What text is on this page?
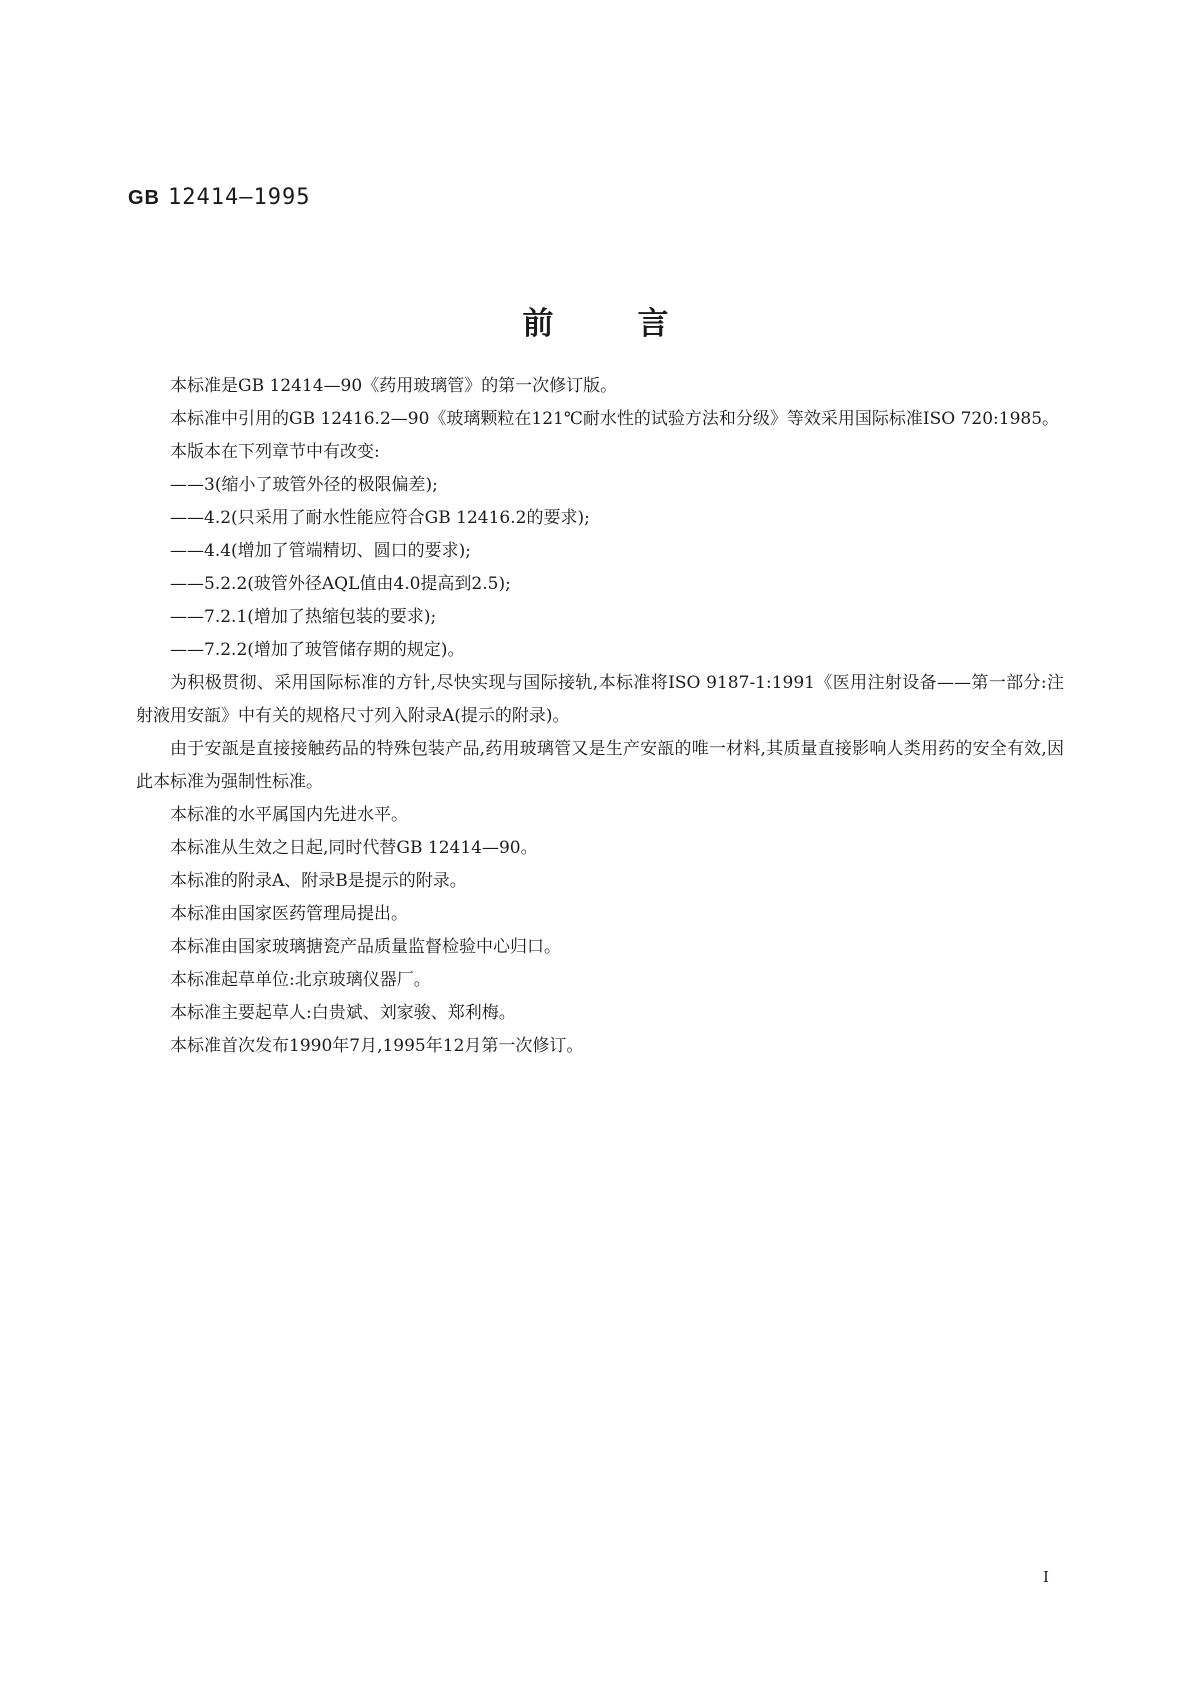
GB 12414—1995
前言

本标准是GB 12414—90《药用玻璃管》的第一次修订版。

本标准中引用的GB 12416.2—90《玻璃颗粒在121℃耐水性的试验方法和分级》等效采用国际标准ISO 720:1985。

本版本在下列章节中有改变:

——3(缩小了玻管外径的极限偏差);
——4.2(只采用了耐水性能应符合GB 12416.2的要求);
——4.4(增加了管端精切、圆口的要求);
——5.2.2(玻管外径AQL值由4.0提高到2.5);
——7.2.1(增加了热缩包装的要求);
——7.2.2(增加了玻管储存期的规定)。

为积极贯彻、采用国际标准的方针,尽快实现与国际接轨,本标准将ISO 9187-1:1991《医用注射设备——第一部分:注射液用安瓿》中有关的规格尺寸列入附录A(提示的附录)。

由于安瓿是直接接触药品的特殊包装产品,药用玻璃管又是生产安瓿的唯一材料,其质量直接影响人类用药的安全有效,因此本标准为强制性标准。

本标准的水平属国内先进水平。

本标准从生效之日起,同时代替GB 12414—90。

本标准的附录A、附录B是提示的附录。

本标准由国家医药管理局提出。

本标准由国家玻璃搪瓷产品质量监督检验中心归口。

本标准起草单位:北京玻璃仪器厂。

本标准主要起草人:白贵斌、刘家骏、郑利梅。

本标准首次发布1990年7月,1995年12月第一次修订。

I
